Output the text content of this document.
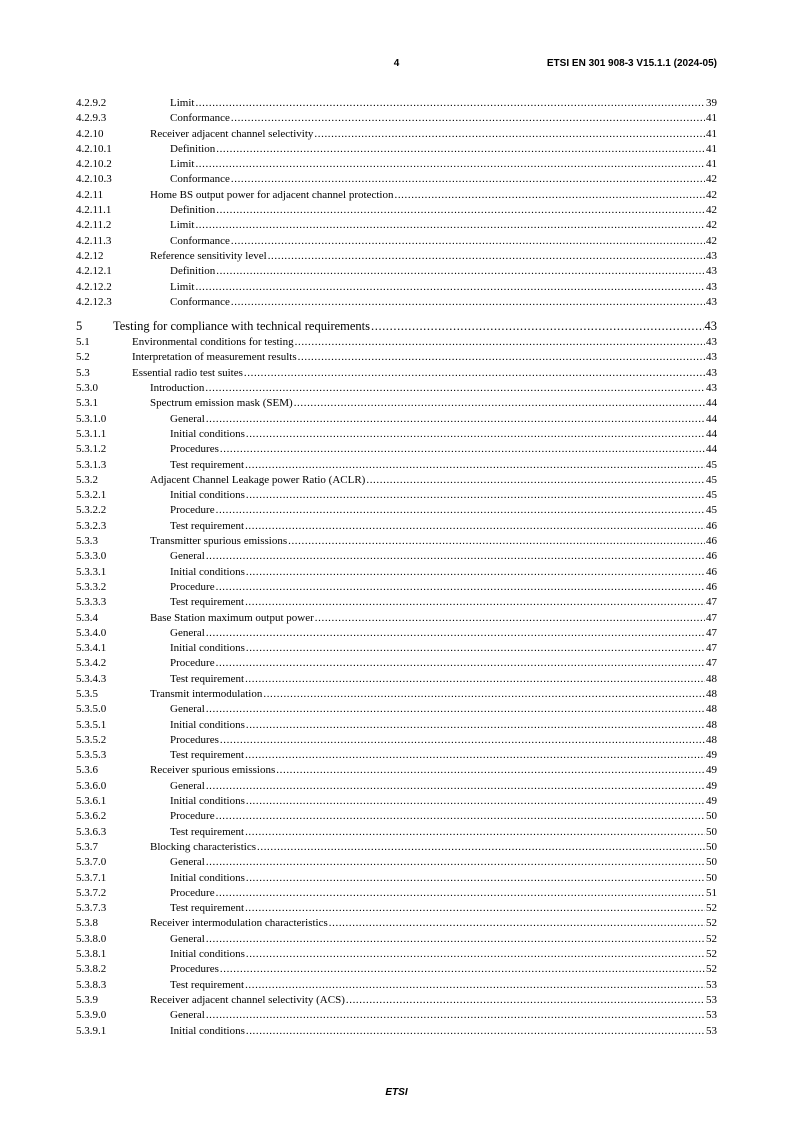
4	ETSI EN 301 908-3 V15.1.1 (2024-05)
4.2.9.2	Limit .....	39
4.2.9.3	Conformance .....	41
4.2.10	Receiver adjacent channel selectivity .....	41
4.2.10.1	Definition .....	41
4.2.10.2	Limit .....	41
4.2.10.3	Conformance .....	42
4.2.11	Home BS output power for adjacent channel protection .....	42
4.2.11.1	Definition .....	42
4.2.11.2	Limit .....	42
4.2.11.3	Conformance .....	42
4.2.12	Reference sensitivity level .....	43
4.2.12.1	Definition .....	43
4.2.12.2	Limit .....	43
4.2.12.3	Conformance .....	43
5 Testing for compliance with technical requirements .....	43
5.1	Environmental conditions for testing .....	43
5.2	Interpretation of measurement results .....	43
5.3	Essential radio test suites .....	43
5.3.0	Introduction .....	43
5.3.1	Spectrum emission mask (SEM) .....	44
5.3.1.0	General .....	44
5.3.1.1	Initial conditions .....	44
5.3.1.2	Procedures .....	44
5.3.1.3	Test requirement .....	45
5.3.2	Adjacent Channel Leakage power Ratio (ACLR) .....	45
5.3.2.1	Initial conditions .....	45
5.3.2.2	Procedure .....	45
5.3.2.3	Test requirement .....	46
5.3.3	Transmitter spurious emissions .....	46
5.3.3.0	General .....	46
5.3.3.1	Initial conditions .....	46
5.3.3.2	Procedure .....	46
5.3.3.3	Test requirement .....	47
5.3.4	Base Station maximum output power .....	47
5.3.4.0	General .....	47
5.3.4.1	Initial conditions .....	47
5.3.4.2	Procedure .....	47
5.3.4.3	Test requirement .....	48
5.3.5	Transmit intermodulation .....	48
5.3.5.0	General .....	48
5.3.5.1	Initial conditions .....	48
5.3.5.2	Procedures .....	48
5.3.5.3	Test requirement .....	49
5.3.6	Receiver spurious emissions .....	49
5.3.6.0	General .....	49
5.3.6.1	Initial conditions .....	49
5.3.6.2	Procedure .....	50
5.3.6.3	Test requirement .....	50
5.3.7	Blocking characteristics .....	50
5.3.7.0	General .....	50
5.3.7.1	Initial conditions .....	50
5.3.7.2	Procedure .....	51
5.3.7.3	Test requirement .....	52
5.3.8	Receiver intermodulation characteristics .....	52
5.3.8.0	General .....	52
5.3.8.1	Initial conditions .....	52
5.3.8.2	Procedures .....	52
5.3.8.3	Test requirement .....	53
5.3.9	Receiver adjacent channel selectivity (ACS) .....	53
5.3.9.0	General .....	53
5.3.9.1	Initial conditions .....	53
ETSI
